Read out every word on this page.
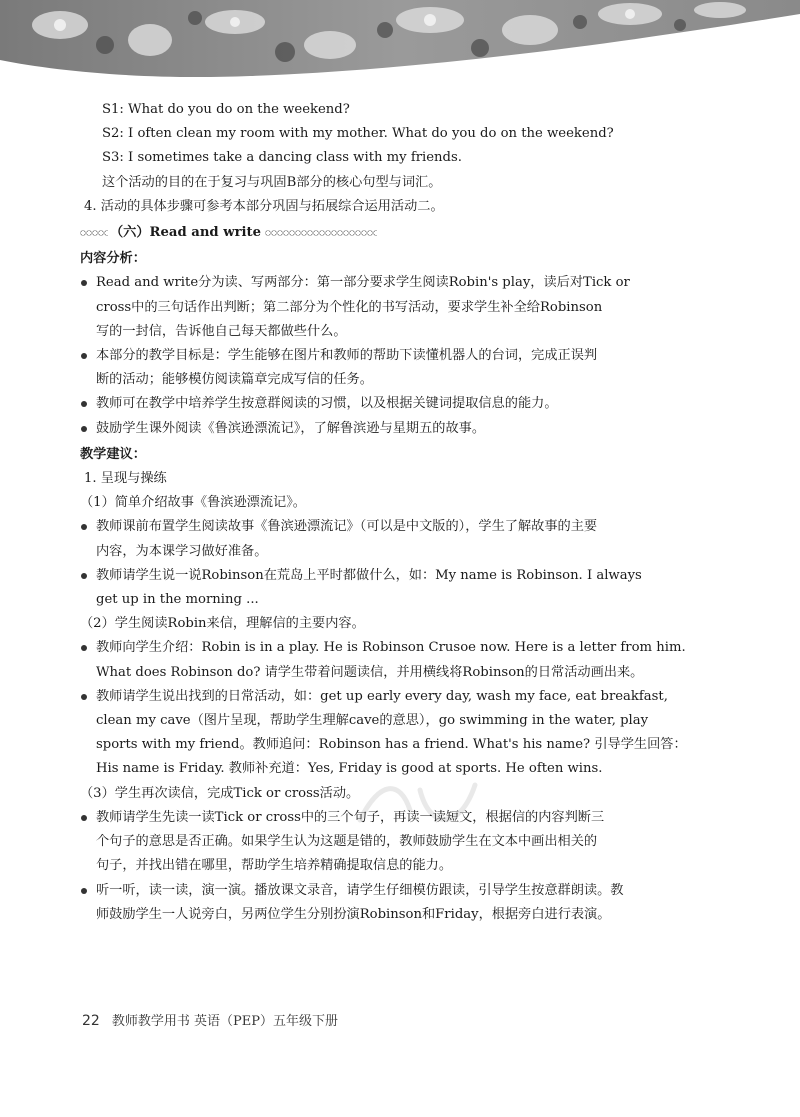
S1: What do you do on the weekend?
S2: I often clean my room with my mother. What do you do on the weekend?
S3: I sometimes take a dancing class with my friends.
这个活动的目的在于复习与巩固B部分的核心句型与词汇。
4. 活动的具体步骤可参考本部分巩固与拓展综合运用活动二。
（六）Read and write
内容分析：
Read and write分为读、写两部分：第一部分要求学生阅读Robin's play，读后对Tick or
cross中的三句话作出判断；第二部分为个性化的书写活动，要求学生补全给Robinson
写的一封信，告诉他自己每天都做些什么。
本部分的教学目标是：学生能够在图片和教师的帮助下读懂机器人的台词，完成正误判
断的活动；能够模仿阅读篇章完成写信的任务。
教师可在教学中培养学生按意群阅读的习惯，以及根据关键词提取信息的能力。
鼓励学生课外阅读《鲁滨逊漂流记》，了解鲁滨逊与星期五的故事。
教学建议：
1. 呈现与操练
（1）简单介绍故事《鲁滨逊漂流记》。
教师课前布置学生阅读故事《鲁滨逊漂流记》（可以是中文版的），学生了解故事的主要
内容，为本课学习做好准备。
教师请学生说一说Robinson在荒岛上平时都做什么，如：My name is Robinson. I always
get up in the morning ...
（2）学生阅读Robin来信，理解信的主要内容。
教师向学生介绍：Robin is in a play. He is Robinson Crusoe now. Here is a letter from him.
What does Robinson do? 请学生带着问题读信，并用横线将Robinson的日常活动画出来。
教师请学生说出找到的日常活动，如：get up early every day, wash my face, eat breakfast,
clean my cave（图片呈现，帮助学生理解cave的意思），go swimming in the water, play
sports with my friend。教师追问：Robinson has a friend. What's his name? 引导学生回答：
His name is Friday. 教师补充道：Yes, Friday is good at sports. He often wins.
（3）学生再次读信，完成Tick or cross活动。
教师请学生先读一读Tick or cross中的三个句子，再读一读短文，根据信的内容判断三
个句子的意思是否正确。如果学生认为这题是错的，教师鼓励学生在文本中画出相关的
句子，并找出错在哪里，帮助学生培养精确提取信息的能力。
听一听，读一读，演一演。播放课文录音，请学生仔细模仿跟读，引导学生按意群朗读。教
师鼓励学生一人说旁白，另两位学生分别扮演Robinson和Friday，根据旁白进行表演。
22 教师教学用书 英语（PEP）五年级下册
